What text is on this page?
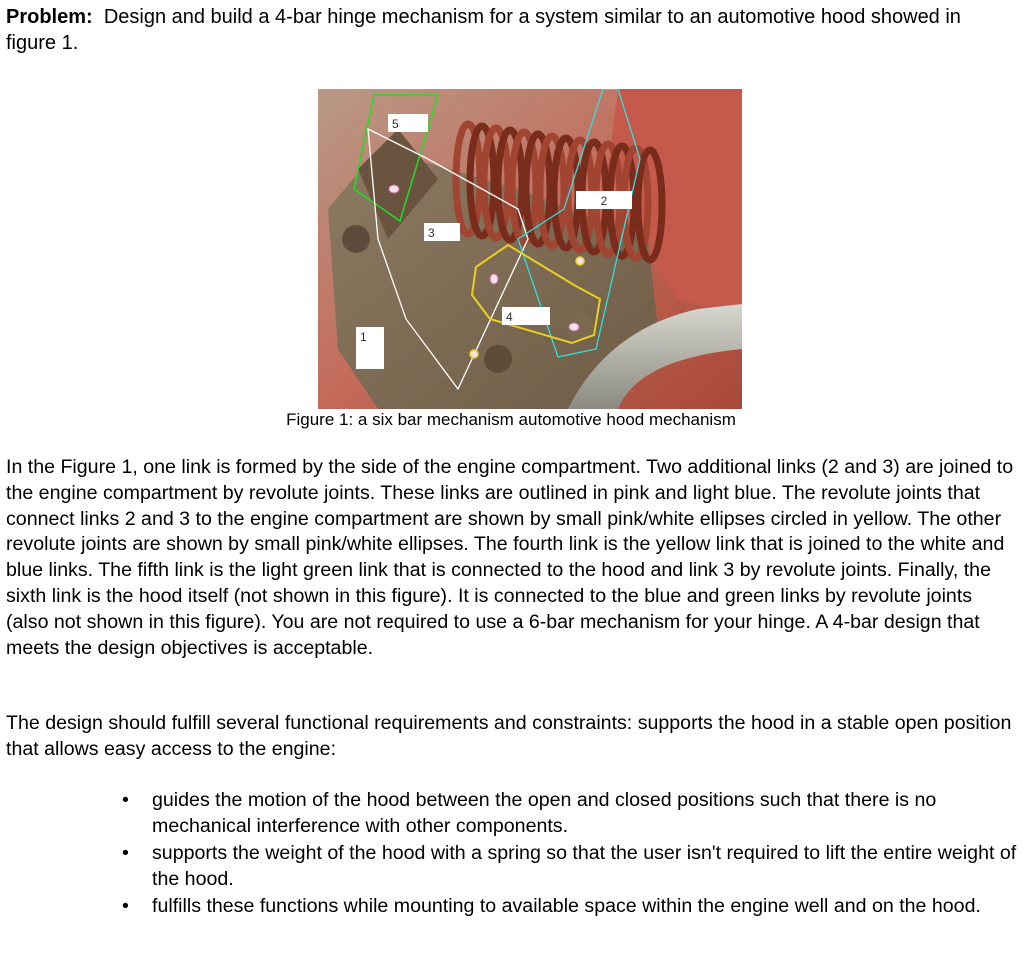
Problem: Design and build a 4-bar hinge mechanism for a system similar to an automotive hood showed in figure 1.

5
3
2
4
1
Figure 1: a six bar mechanism automotive hood mechanism

In the Figure 1, one link is formed by the side of the engine compartment. Two additional links (2 and 3) are joined to the engine compartment by revolute joints. These links are outlined in pink and light blue. The revolute joints that connect links 2 and 3 to the engine compartment are shown by small pink/white ellipses circled in yellow. The other revolute joints are shown by small pink/white ellipses. The fourth link is the yellow link that is joined to the white and blue links. The fifth link is the light green link that is connected to the hood and link 3 by revolute joints. Finally, the sixth link is the hood itself (not shown in this figure). It is connected to the blue and green links by revolute joints (also not shown in this figure). You are not required to use a 6-bar mechanism for your hinge. A 4-bar design that meets the design objectives is acceptable.

The design should fulfill several functional requirements and constraints: supports the hood in a stable open position that allows easy access to the engine:

• guides the motion of the hood between the open and closed positions such that there is no mechanical interference with other components.
• supports the weight of the hood with a spring so that the user isn't required to lift the entire weight of the hood.
• fulfills these functions while mounting to available space within the engine well and on the hood.
